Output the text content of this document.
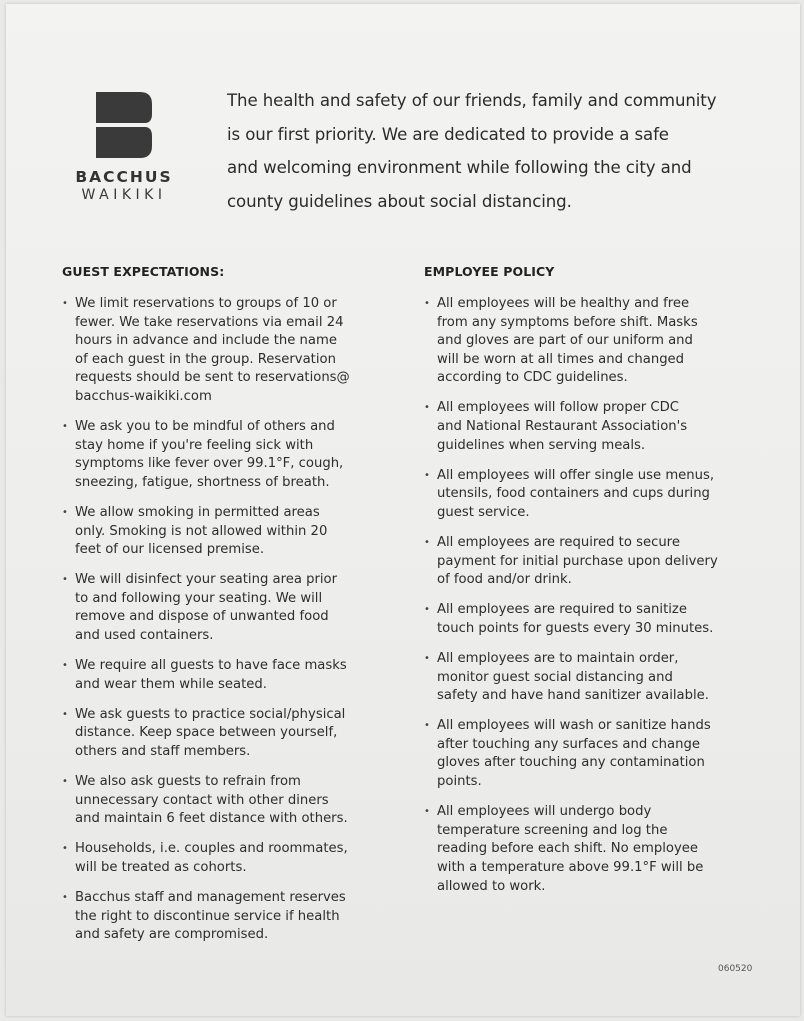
BACCHUS
WAIKIKI
The health and safety of our friends, family and community
is our first priority. We are dedicated to provide a safe
and welcoming environment while following the city and
county guidelines about social distancing.
GUEST EXPECTATIONS:
• We limit reservations to groups of 10 or
fewer. We take reservations via email 24
hours in advance and include the name
of each guest in the group. Reservation
requests should be sent to reservations@
bacchus-waikiki.com
• We ask you to be mindful of others and
stay home if you're feeling sick with
symptoms like fever over 99.1°F, cough,
sneezing, fatigue, shortness of breath.
• We allow smoking in permitted areas
only. Smoking is not allowed within 20
feet of our licensed premise.
• We will disinfect your seating area prior
to and following your seating. We will
remove and dispose of unwanted food
and used containers.
• We require all guests to have face masks
and wear them while seated.
• We ask guests to practice social/physical
distance. Keep space between yourself,
others and staff members.
• We also ask guests to refrain from
unnecessary contact with other diners
and maintain 6 feet distance with others.
• Households, i.e. couples and roommates,
will be treated as cohorts.
• Bacchus staff and management reserves
the right to discontinue service if health
and safety are compromised.
EMPLOYEE POLICY
• All employees will be healthy and free
from any symptoms before shift. Masks
and gloves are part of our uniform and
will be worn at all times and changed
according to CDC guidelines.
• All employees will follow proper CDC
and National Restaurant Association's
guidelines when serving meals.
• All employees will offer single use menus,
utensils, food containers and cups during
guest service.
• All employees are required to secure
payment for initial purchase upon delivery
of food and/or drink.
• All employees are required to sanitize
touch points for guests every 30 minutes.
• All employees are to maintain order,
monitor guest social distancing and
safety and have hand sanitizer available.
• All employees will wash or sanitize hands
after touching any surfaces and change
gloves after touching any contamination
points.
• All employees will undergo body
temperature screening and log the
reading before each shift. No employee
with a temperature above 99.1°F will be
allowed to work.
060520
